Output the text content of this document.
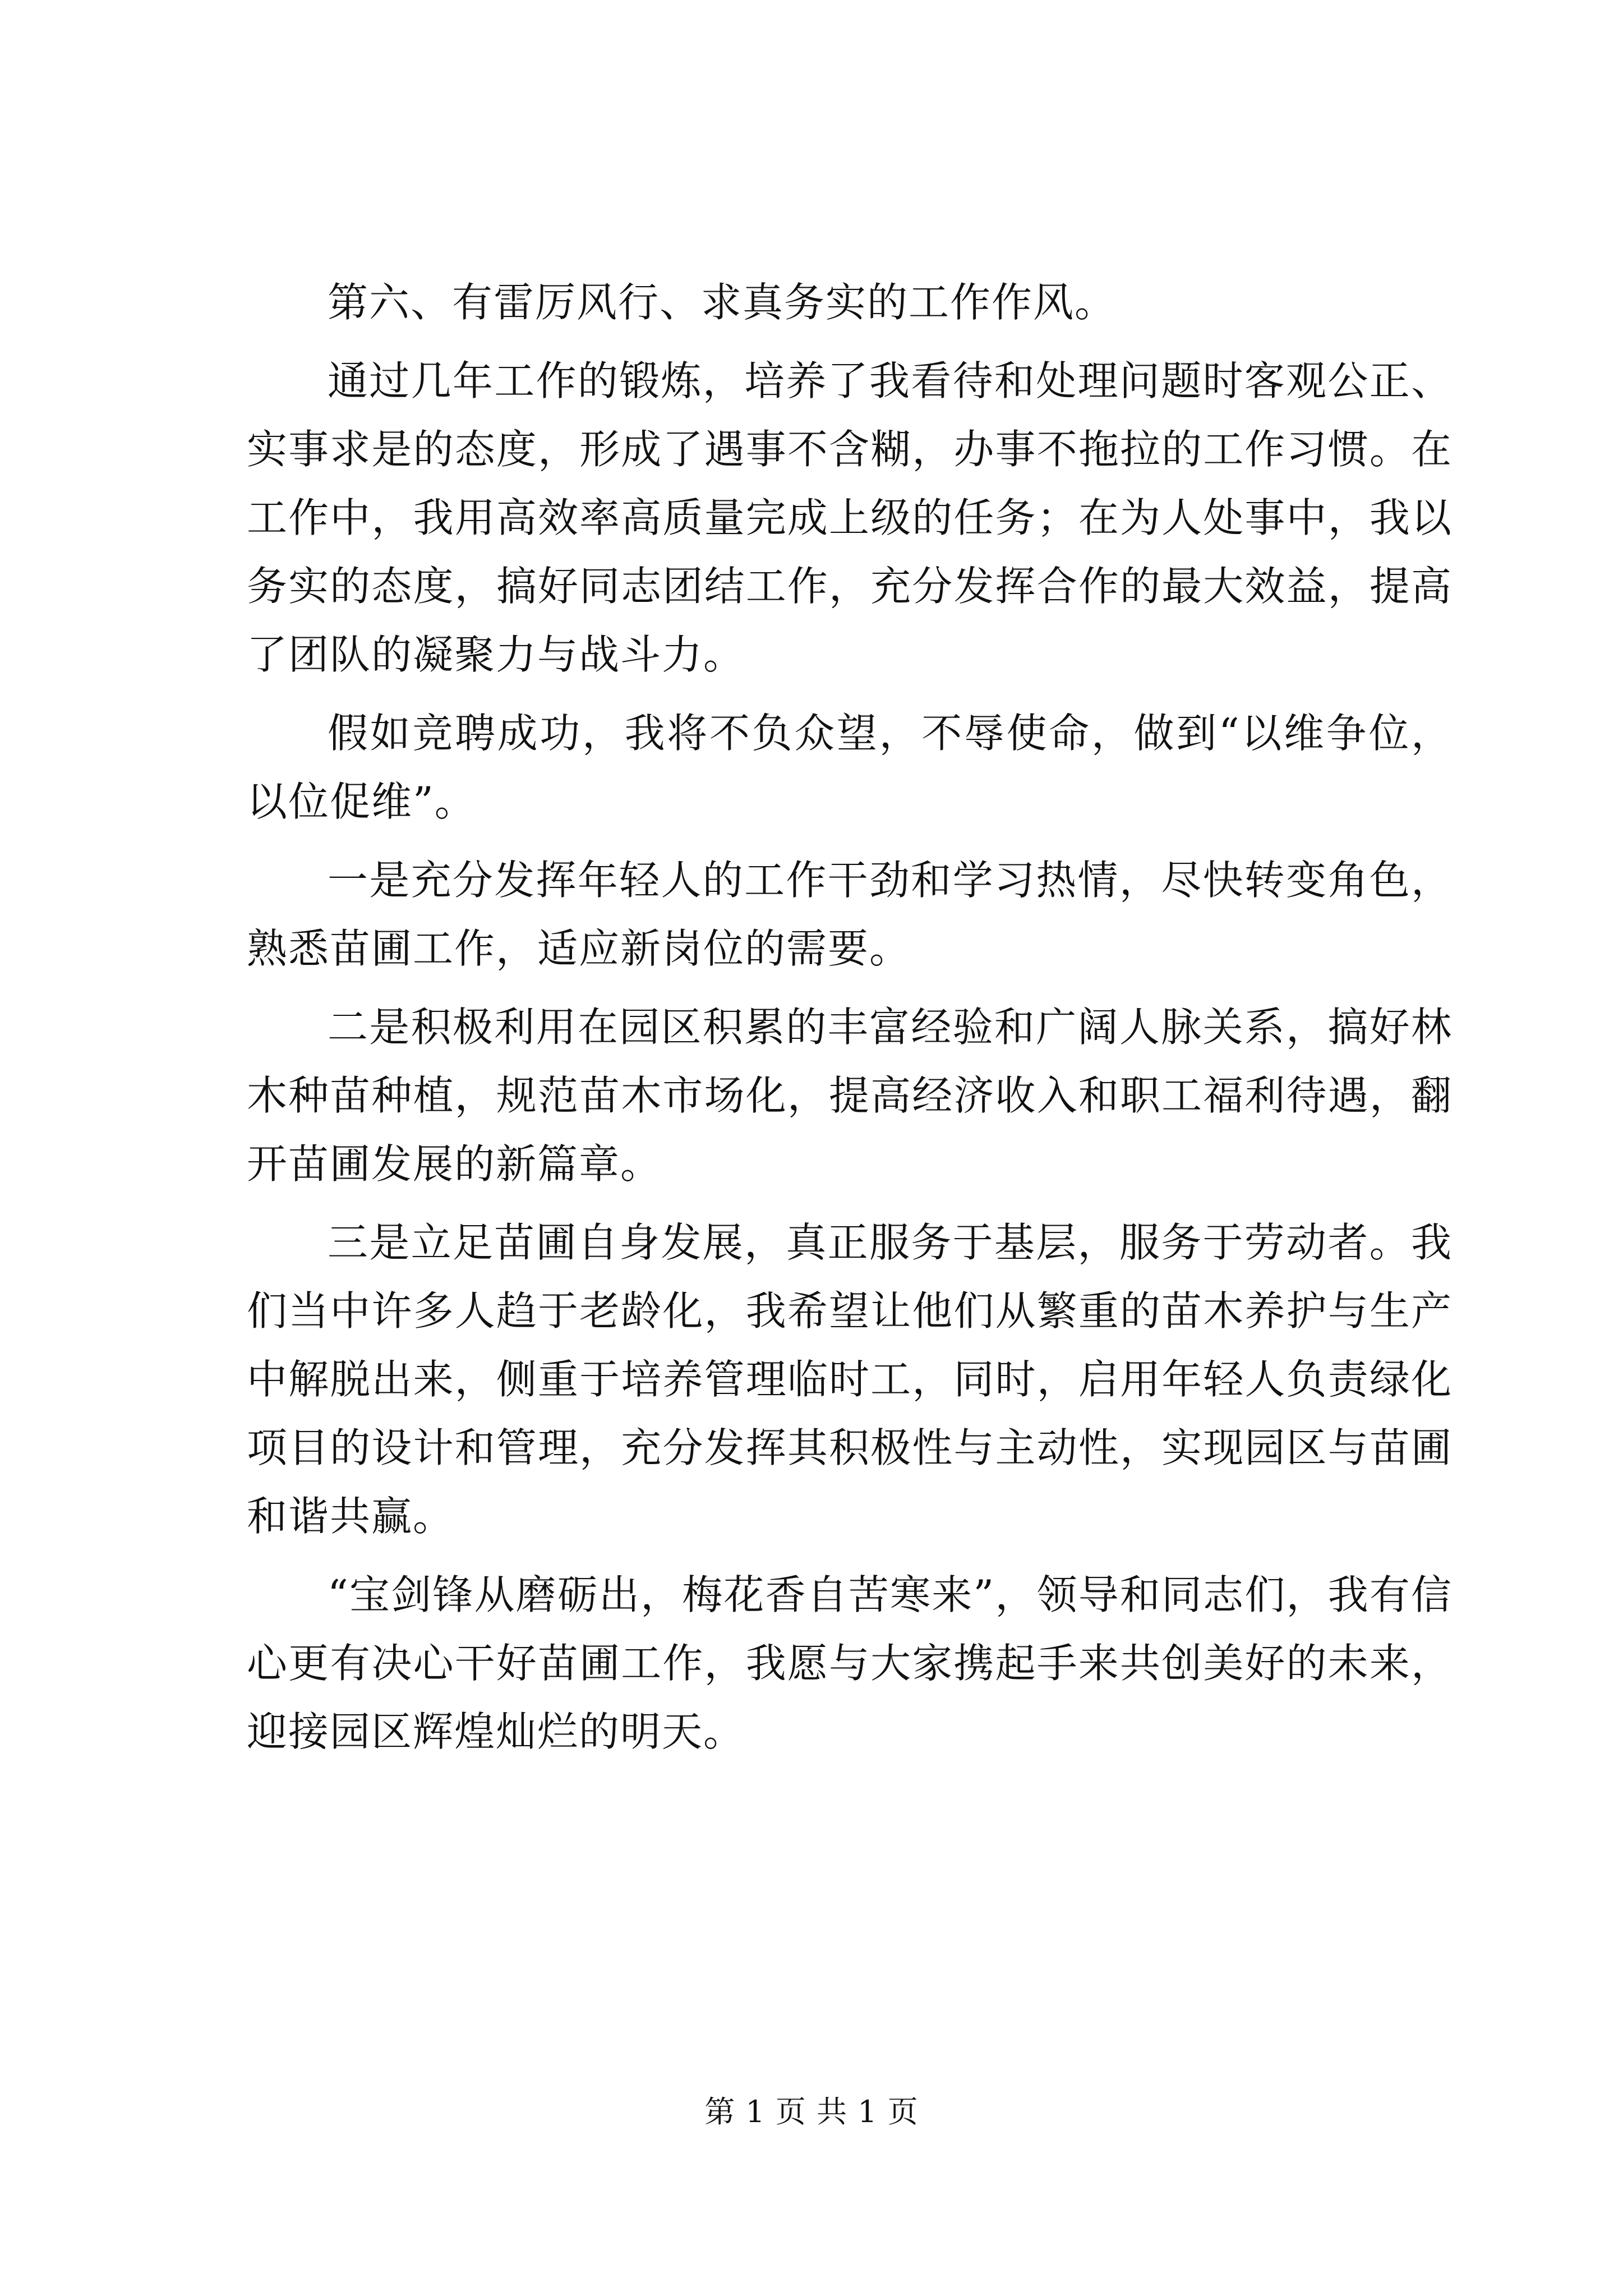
第六、有雷厉风行、求真务实的工作作风。

通过几年工作的锻炼，培养了我看待和处理问题时客观公正、实事求是的态度，形成了遇事不含糊，办事不拖拉的工作习惯。在工作中，我用高效率高质量完成上级的任务；在为人处事中，我以务实的态度，搞好同志团结工作，充分发挥合作的最大效益，提高了团队的凝聚力与战斗力。

假如竞聘成功，我将不负众望，不辱使命，做到“以维争位，以位促维”。

一是充分发挥年轻人的工作干劲和学习热情，尽快转变角色，熟悉苗圃工作，适应新岗位的需要。

二是积极利用在园区积累的丰富经验和广阔人脉关系，搞好林木种苗种植，规范苗木市场化，提高经济收入和职工福利待遇，翻开苗圃发展的新篇章。

三是立足苗圃自身发展，真正服务于基层，服务于劳动者。我们当中许多人趋于老龄化，我希望让他们从繁重的苗木养护与生产中解脱出来，侧重于培养管理临时工，同时，启用年轻人负责绿化项目的设计和管理，充分发挥其积极性与主动性，实现园区与苗圃和谐共赢。

“宝剑锋从磨砺出，梅花香自苦寒来”，领导和同志们，我有信心更有决心干好苗圃工作，我愿与大家携起手来共创美好的未来，迎接园区辉煌灿烂的明天。

第 1 页 共 1 页
